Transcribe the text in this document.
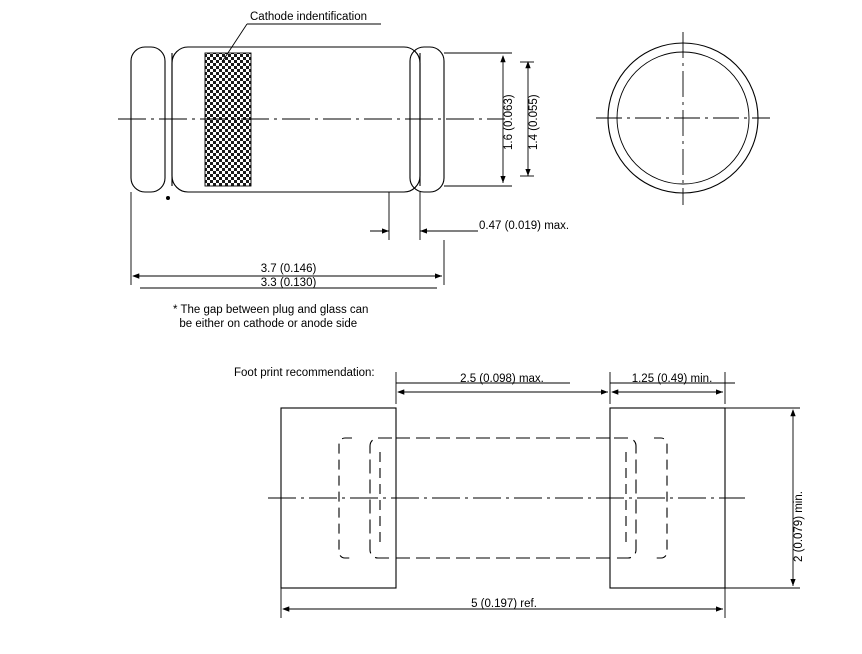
Cathode indentification
1.6 (0.063) 1.4 (0.055)
0.47 (0.019) max.
3.7 (0.146)
3.3 (0.130)
* The gap between plug and glass can
be either on cathode or anode side
Foot print recommendation:	2.5 (0.098) max.	1.25 (0.49) min.
2 (0.079) min.
5 (0.197) ref.
